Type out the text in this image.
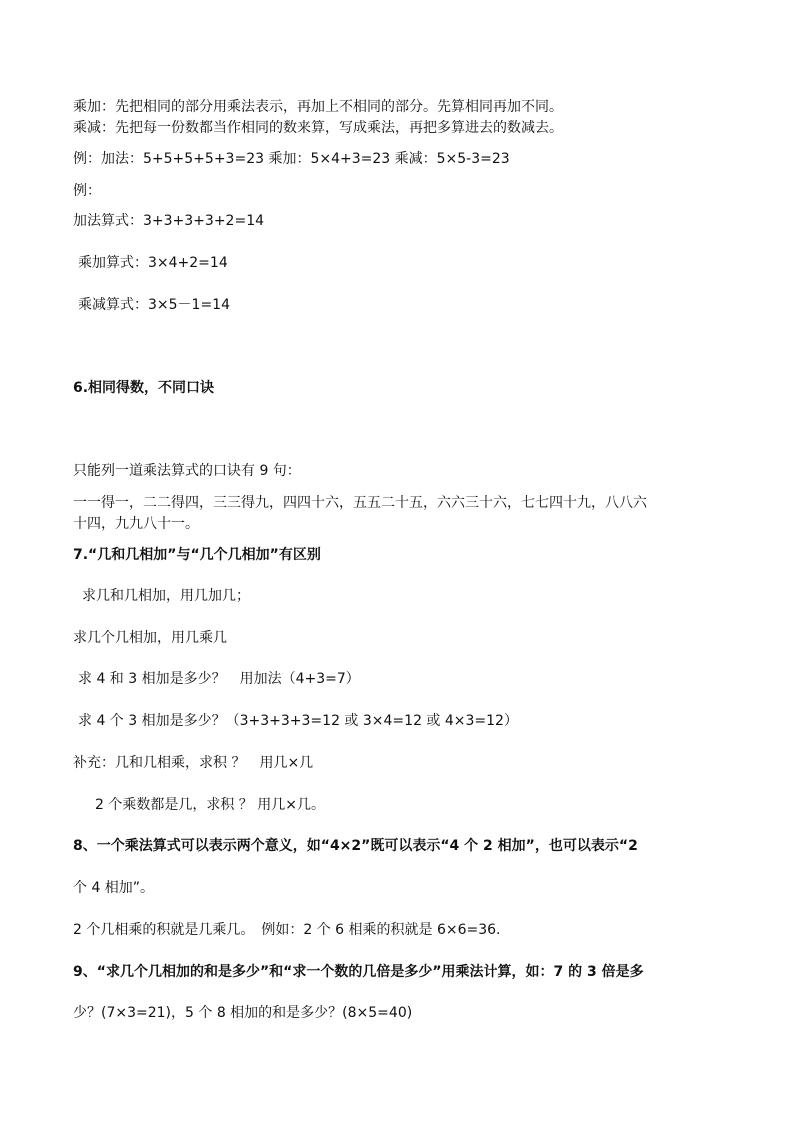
乘加：先把相同的部分用乘法表示，再加上不相同的部分。先算相同再加不同。
乘减：先把每一份数都当作相同的数来算，写成乘法，再把多算进去的数减去。
例：加法：5+5+5+5+3=23 乘加：5×4+3=23 乘减：5×5-3=23
例：
加法算式：3+3+3+3+2=14
乘加算式：3×4+2=14
乘减算式：3×5－1=14
6.相同得数，不同口诀
只能列一道乘法算式的口诀有 9 句：
一一得一，二二得四，三三得九，四四十六，五五二十五，六六三十六，七七四十九，八八六
十四，九九八十一。
7.“几和几相加”与“几个几相加”有区别
求几和几相加，用几加几；
求几个几相加，用几乘几
求 4 和 3 相加是多少？　用加法（4+3=7）
求 4 个 3 相加是多少？（3+3+3+3=12 或 3×4=12 或 4×3=12）
补充：几和几相乘，求积 ？　用几×几
2 个乘数都是几，求积 ？ 用几×几。
8、一个乘法算式可以表示两个意义，如“4×2”既可以表示“4 个 2 相加”，也可以表示“2
个 4 相加”。
2 个几相乘的积就是几乘几。　例如：2 个 6 相乘的积就是 6×6=36.
9、“求几个几相加的和是多少”和“求一个数的几倍是多少”用乘法计算，如：7 的 3 倍是多
少？(7×3=21)，5 个 8 相加的和是多少？(8×5=40)
